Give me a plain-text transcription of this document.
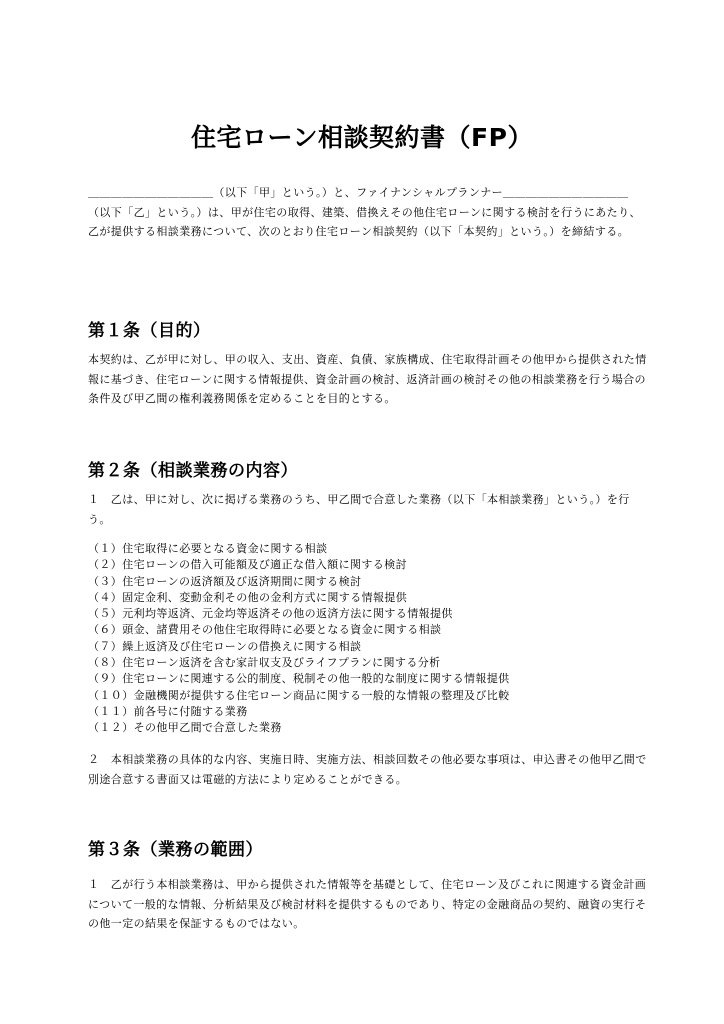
住宅ローン相談契約書（FP）

＿＿＿＿＿＿＿＿＿＿＿（以下「甲」という。）と、ファイナンシャルプランナー＿＿＿＿＿＿＿＿＿＿＿（以下「乙」という。）は、甲が住宅の取得、建築、借換えその他住宅ローンに関する検討を行うにあたり、乙が提供する相談業務について、次のとおり住宅ローン相談契約（以下「本契約」という。）を締結する。

第１条（目的）

本契約は、乙が甲に対し、甲の収入、支出、資産、負債、家族構成、住宅取得計画その他甲から提供された情報に基づき、住宅ローンに関する情報提供、資金計画の検討、返済計画の検討その他の相談業務を行う場合の条件及び甲乙間の権利義務関係を定めることを目的とする。

第２条（相談業務の内容）

１　乙は、甲に対し、次に掲げる業務のうち、甲乙間で合意した業務（以下「本相談業務」という。）を行う。

（１）住宅取得に必要となる資金に関する相談
（２）住宅ローンの借入可能額及び適正な借入額に関する検討
（３）住宅ローンの返済額及び返済期間に関する検討
（４）固定金利、変動金利その他の金利方式に関する情報提供
（５）元利均等返済、元金均等返済その他の返済方法に関する情報提供
（６）頭金、諸費用その他住宅取得時に必要となる資金に関する相談
（７）繰上返済及び住宅ローンの借換えに関する相談
（８）住宅ローン返済を含む家計収支及びライフプランに関する分析
（９）住宅ローンに関連する公的制度、税制その他一般的な制度に関する情報提供
（１０）金融機関が提供する住宅ローン商品に関する一般的な情報の整理及び比較
（１１）前各号に付随する業務
（１２）その他甲乙間で合意した業務

２　本相談業務の具体的な内容、実施日時、実施方法、相談回数その他必要な事項は、申込書その他甲乙間で別途合意する書面又は電磁的方法により定めることができる。

第３条（業務の範囲）

１　乙が行う本相談業務は、甲から提供された情報等を基礎として、住宅ローン及びこれに関連する資金計画について一般的な情報、分析結果及び検討材料を提供するものであり、特定の金融商品の契約、融資の実行その他一定の結果を保証するものではない。
